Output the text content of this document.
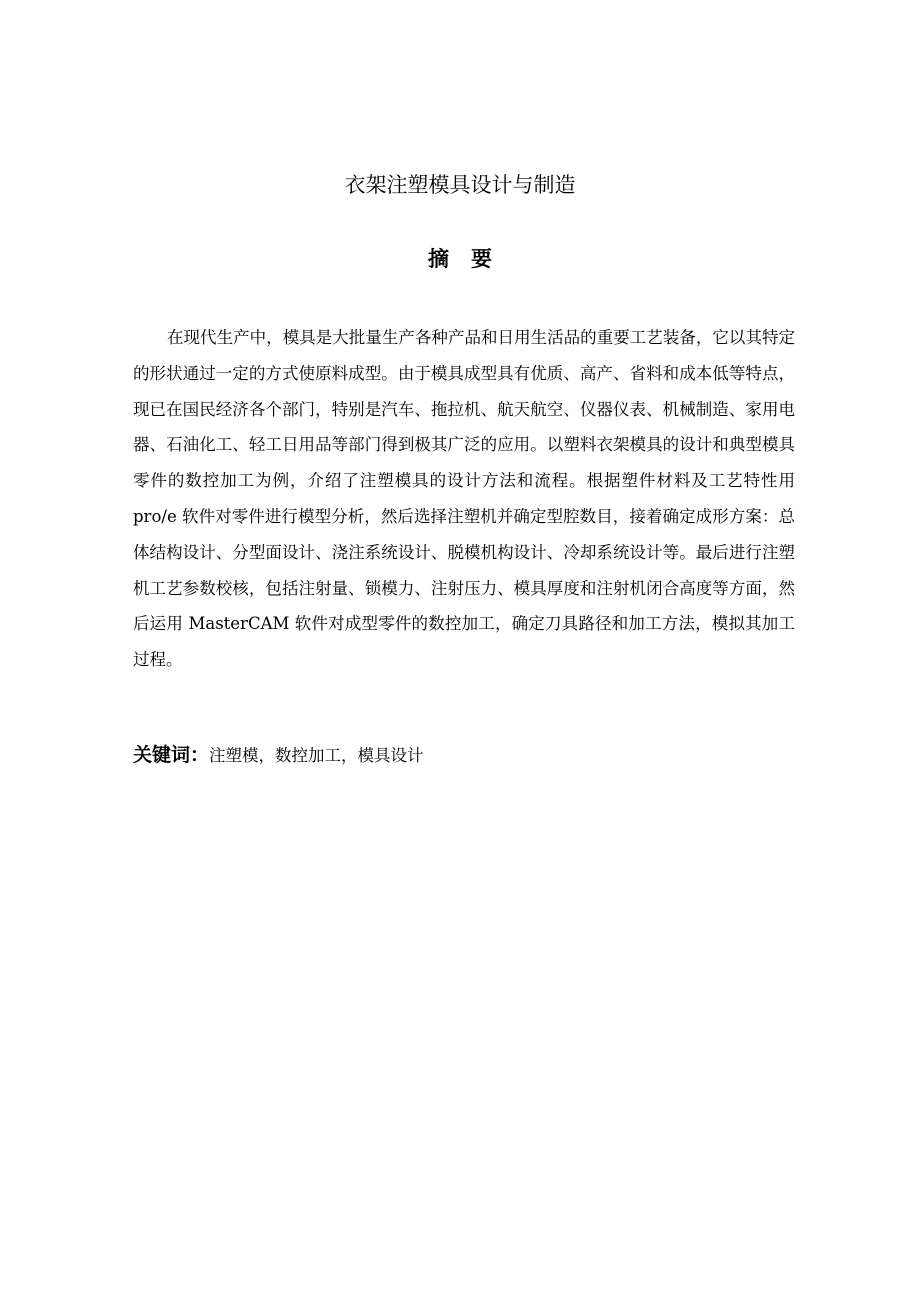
衣架注塑模具设计与制造
摘要

在现代生产中，模具是大批量生产各种产品和日用生活品的重要工艺装备，它以其特定的形状通过一定的方式使原料成型。由于模具成型具有优质、高产、省料和成本低等特点，现已在国民经济各个部门，特别是汽车、拖拉机、航天航空、仪器仪表、机械制造、家用电器、石油化工、轻工日用品等部门得到极其广泛的应用。以塑料衣架模具的设计和典型模具零件的数控加工为例，介绍了注塑模具的设计方法和流程。根据塑件材料及工艺特性用 pro/e 软件对零件进行模型分析，然后选择注塑机并确定型腔数目，接着确定成形方案：总体结构设计、分型面设计、浇注系统设计、脱模机构设计、冷却系统设计等。最后进行注塑机工艺参数校核，包括注射量、锁模力、注射压力、模具厚度和注射机闭合高度等方面，然后运用 MasterCAM 软件对成型零件的数控加工，确定刀具路径和加工方法，模拟其加工过程。

关键词：注塑模，数控加工，模具设计
